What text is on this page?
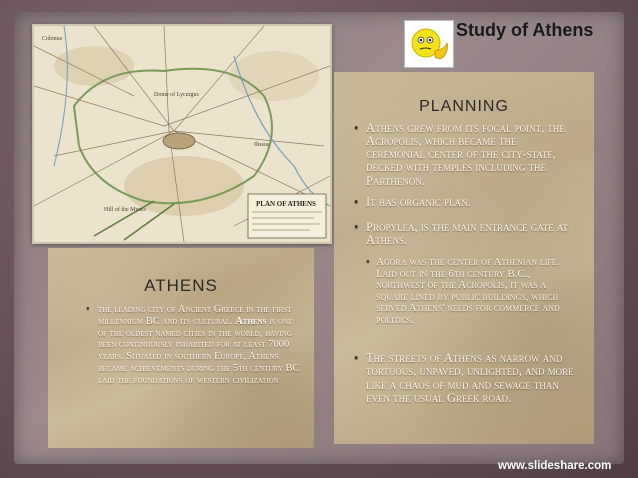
Colonus
Dome of Lycurgus
Hill of the Muses
Ilissus
PLAN OF ATHENS
Study of Athens
PLANNING
• Athens grew from its focal point, the Acropolis, which became the ceremonial center of the city-state, decked with temples including the Parthenon.
• It has organic plan.
• Propylea, is the main entrance gate at Athens.
• Agora was the center of Athenian life. Laid out in the 6th century B.C., northwest of the Acropolis, it was a square lined by public buildings, which served Athens' needs for commerce and politics.
• The streets of Athens as narrow and tortuous, unpaved, unlighted, and more like a chaos of mud and sewage than even the usual Greek road.
ATHENS
• the leading city of Ancient Greece in the first millennium BC and its cultural. Athens is one of the oldest named cities in the world, having been continuously inhabited for at least 7000 years. Situated in southern Europe, Athens became achievements during the 5th century BC laid the foundations of western civilization
www.slideshare.com
